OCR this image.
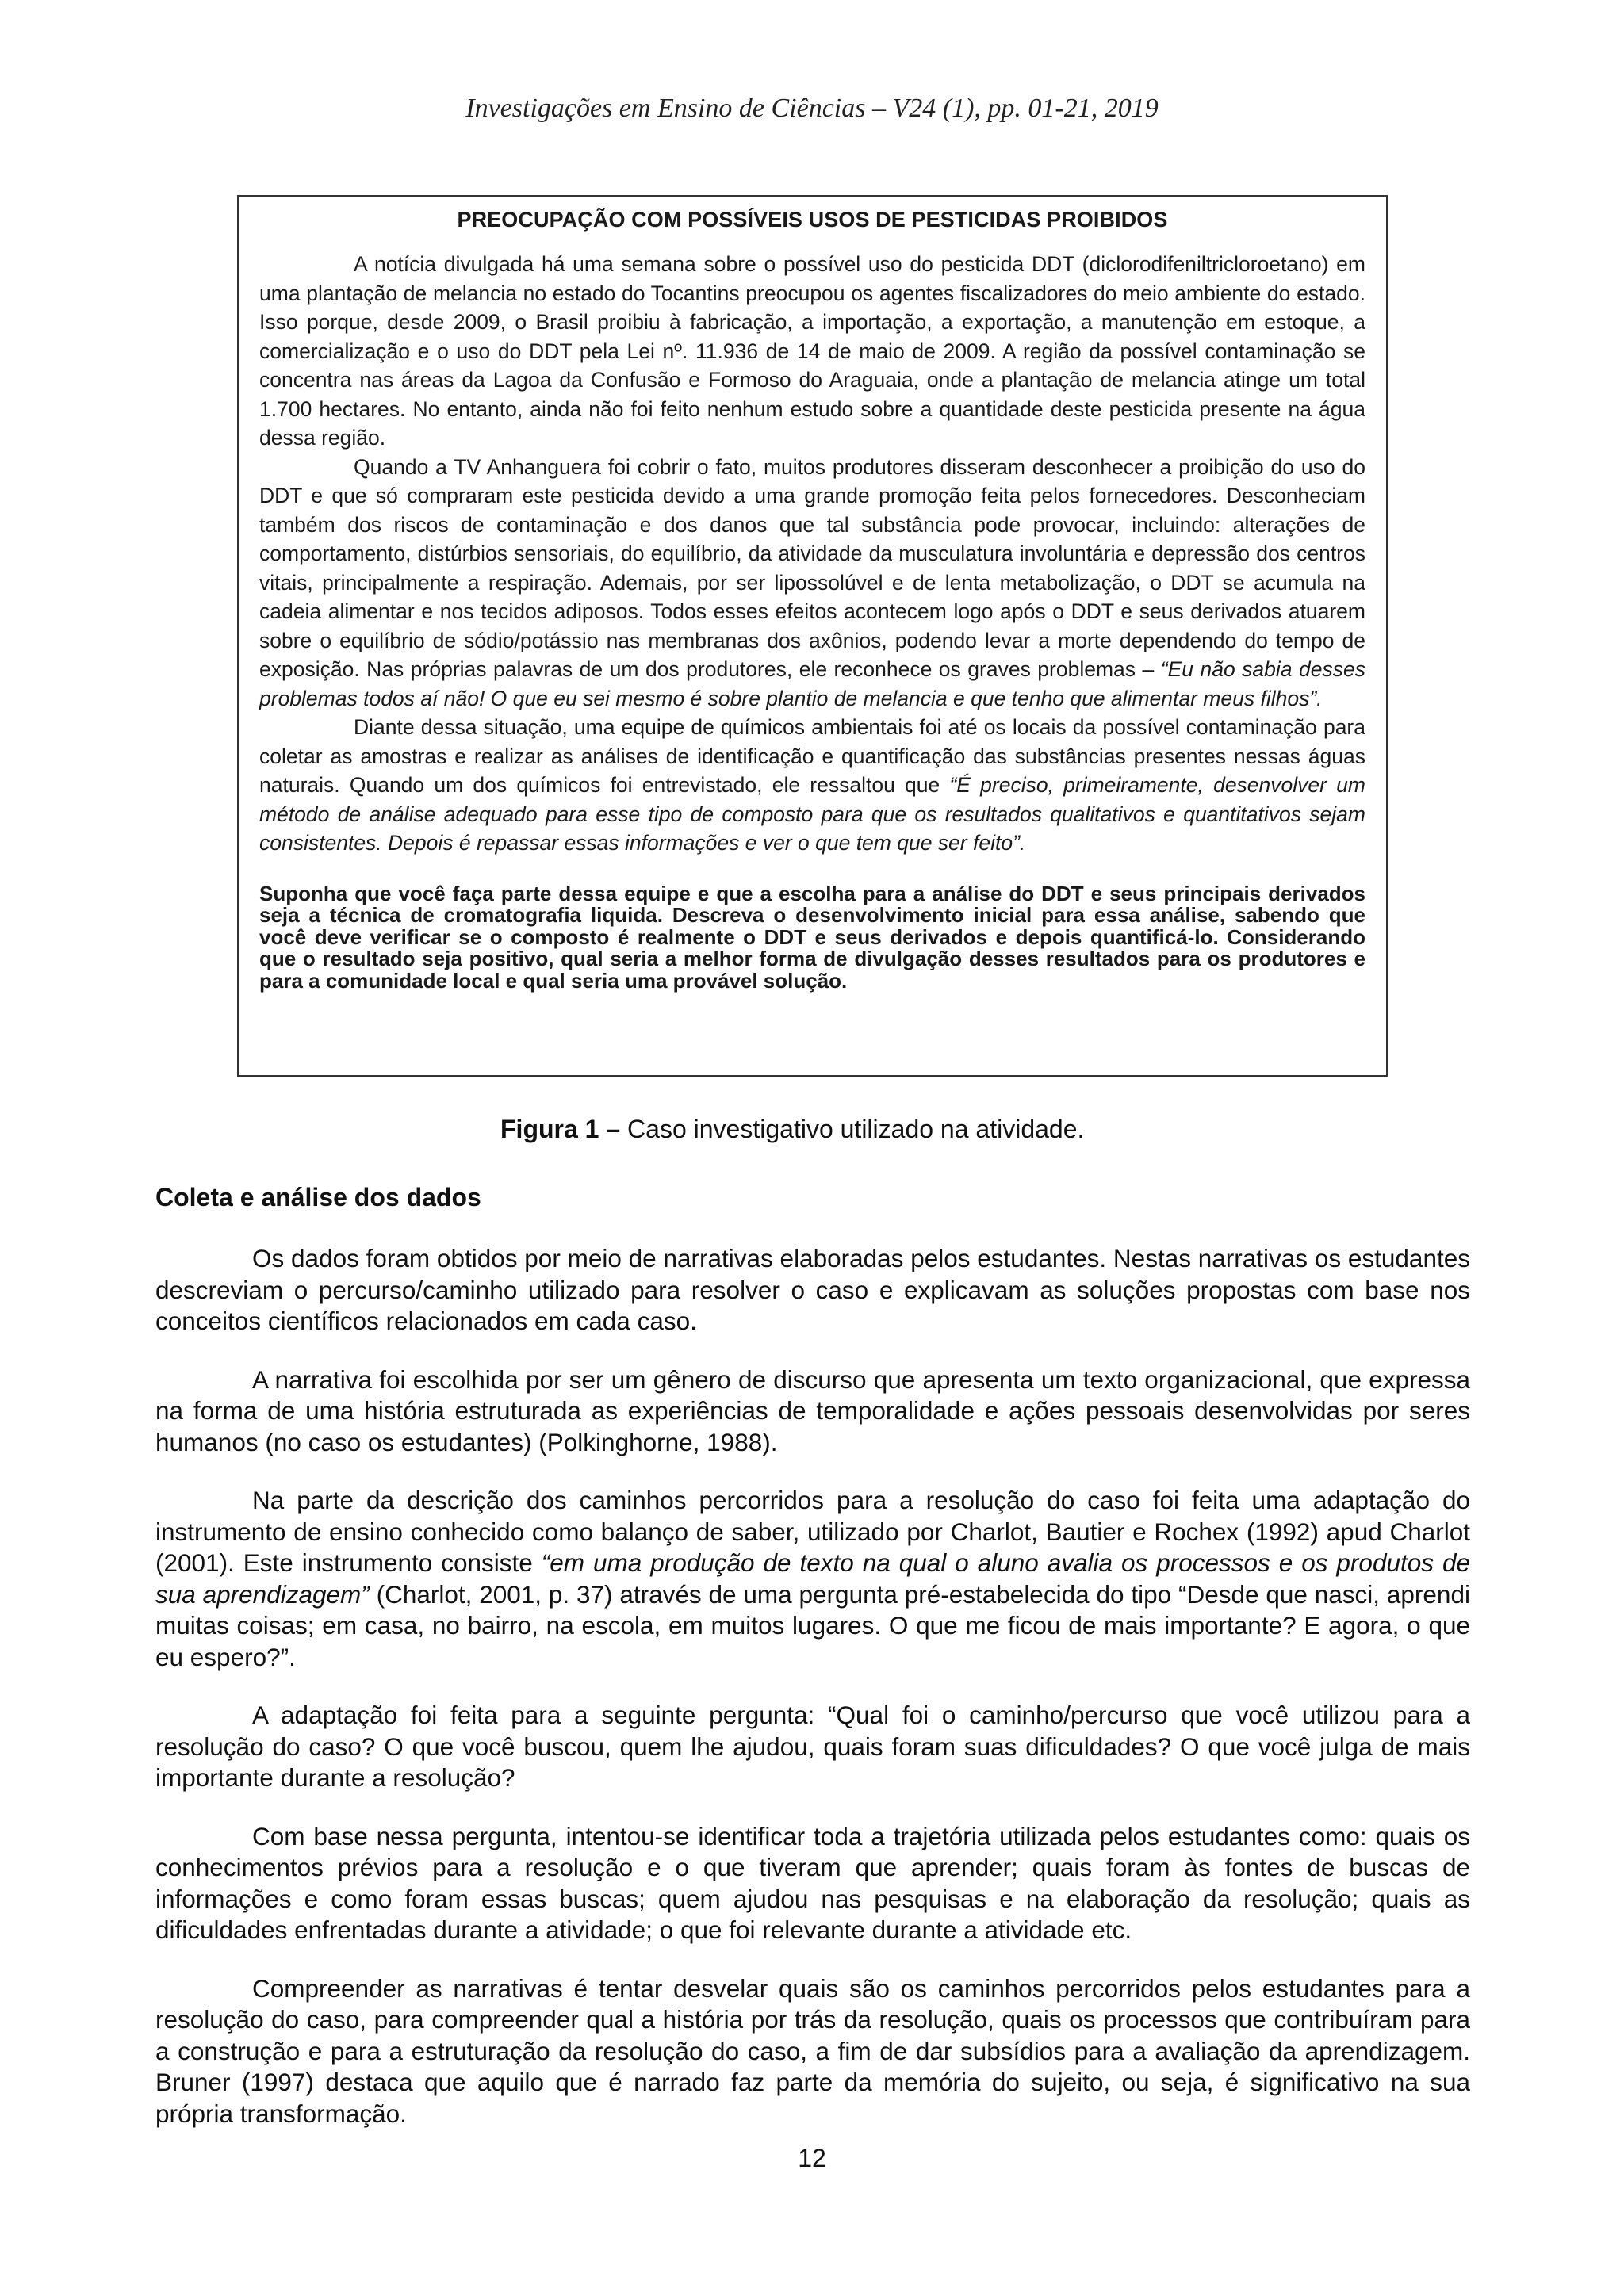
Investigações em Ensino de Ciências – V24 (1), pp. 01-21, 2019

PREOCUPAÇÃO COM POSSÍVEIS USOS DE PESTICIDAS PROIBIDOS

A notícia divulgada há uma semana sobre o possível uso do pesticida DDT (diclorodifeniltricloroetano) em uma plantação de melancia no estado do Tocantins preocupou os agentes fiscalizadores do meio ambiente do estado. Isso porque, desde 2009, o Brasil proibiu à fabricação, a importação, a exportação, a manutenção em estoque, a comercialização e o uso do DDT pela Lei nº. 11.936 de 14 de maio de 2009. A região da possível contaminação se concentra nas áreas da Lagoa da Confusão e Formoso do Araguaia, onde a plantação de melancia atinge um total 1.700 hectares. No entanto, ainda não foi feito nenhum estudo sobre a quantidade deste pesticida presente na água dessa região.

Quando a TV Anhanguera foi cobrir o fato, muitos produtores disseram desconhecer a proibição do uso do DDT e que só compraram este pesticida devido a uma grande promoção feita pelos fornecedores. Desconheciam também dos riscos de contaminação e dos danos que tal substância pode provocar, incluindo: alterações de comportamento, distúrbios sensoriais, do equilíbrio, da atividade da musculatura involuntária e depressão dos centros vitais, principalmente a respiração. Ademais, por ser lipossolúvel e de lenta metabolização, o DDT se acumula na cadeia alimentar e nos tecidos adiposos. Todos esses efeitos acontecem logo após o DDT e seus derivados atuarem sobre o equilíbrio de sódio/potássio nas membranas dos axônios, podendo levar a morte dependendo do tempo de exposição. Nas próprias palavras de um dos produtores, ele reconhece os graves problemas – “Eu não sabia desses problemas todos aí não! O que eu sei mesmo é sobre plantio de melancia e que tenho que alimentar meus filhos”.

Diante dessa situação, uma equipe de químicos ambientais foi até os locais da possível contaminação para coletar as amostras e realizar as análises de identificação e quantificação das substâncias presentes nessas águas naturais. Quando um dos químicos foi entrevistado, ele ressaltou que “É preciso, primeiramente, desenvolver um método de análise adequado para esse tipo de composto para que os resultados qualitativos e quantitativos sejam consistentes. Depois é repassar essas informações e ver o que tem que ser feito”.

Suponha que você faça parte dessa equipe e que a escolha para a análise do DDT e seus principais derivados seja a técnica de cromatografia liquida. Descreva o desenvolvimento inicial para essa análise, sabendo que você deve verificar se o composto é realmente o DDT e seus derivados e depois quantificá-lo. Considerando que o resultado seja positivo, qual seria a melhor forma de divulgação desses resultados para os produtores e para a comunidade local e qual seria uma provável solução.

Figura 1 – Caso investigativo utilizado na atividade.
Coleta e análise dos dados

Os dados foram obtidos por meio de narrativas elaboradas pelos estudantes. Nestas narrativas os estudantes descreviam o percurso/caminho utilizado para resolver o caso e explicavam as soluções propostas com base nos conceitos científicos relacionados em cada caso.

A narrativa foi escolhida por ser um gênero de discurso que apresenta um texto organizacional, que expressa na forma de uma história estruturada as experiências de temporalidade e ações pessoais desenvolvidas por seres humanos (no caso os estudantes) (Polkinghorne, 1988).

Na parte da descrição dos caminhos percorridos para a resolução do caso foi feita uma adaptação do instrumento de ensino conhecido como balanço de saber, utilizado por Charlot, Bautier e Rochex (1992) apud Charlot (2001). Este instrumento consiste “em uma produção de texto na qual o aluno avalia os processos e os produtos de sua aprendizagem” (Charlot, 2001, p. 37) através de uma pergunta pré-estabelecida do tipo “Desde que nasci, aprendi muitas coisas; em casa, no bairro, na escola, em muitos lugares. O que me ficou de mais importante? E agora, o que eu espero?”.

A adaptação foi feita para a seguinte pergunta: “Qual foi o caminho/percurso que você utilizou para a resolução do caso? O que você buscou, quem lhe ajudou, quais foram suas dificuldades? O que você julga de mais importante durante a resolução?

Com base nessa pergunta, intentou-se identificar toda a trajetória utilizada pelos estudantes como: quais os conhecimentos prévios para a resolução e o que tiveram que aprender; quais foram às fontes de buscas de informações e como foram essas buscas; quem ajudou nas pesquisas e na elaboração da resolução; quais as dificuldades enfrentadas durante a atividade; o que foi relevante durante a atividade etc.

Compreender as narrativas é tentar desvelar quais são os caminhos percorridos pelos estudantes para a resolução do caso, para compreender qual a história por trás da resolução, quais os processos que contribuíram para a construção e para a estruturação da resolução do caso, a fim de dar subsídios para a avaliação da aprendizagem. Bruner (1997) destaca que aquilo que é narrado faz parte da memória do sujeito, ou seja, é significativo na sua própria transformação.

12
